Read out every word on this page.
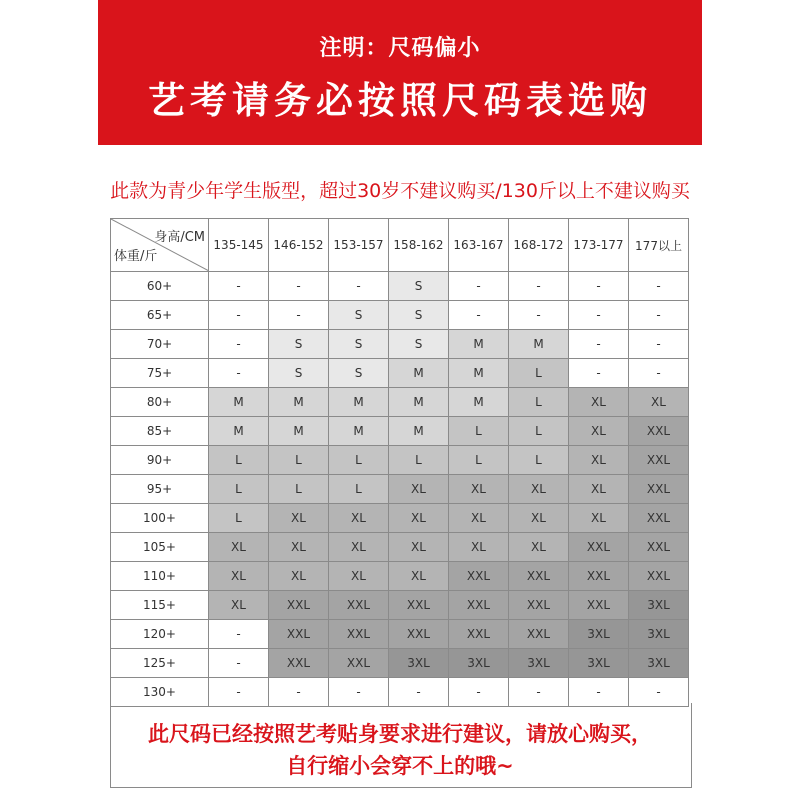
注明：尺码偏小
艺考请务必按照尺码表选购
此款为青少年学生版型，超过30岁不建议购买/130斤以上不建议购买
身高/CM
体重/斤	135-145	146-152	153-157	158-162	163-167	168-172	173-177	177以上
60+	-	-	-	S	-	-	-	-
65+	-	-	S	S	-	-	-	-
70+	-	S	S	S	M	M	-	-
75+	-	S	S	M	M	L	-	-
80+	M	M	M	M	M	L	XL	XL
85+	M	M	M	M	L	L	XL	XXL
90+	L	L	L	L	L	L	XL	XXL
95+	L	L	L	XL	XL	XL	XL	XXL
100+	L	XL	XL	XL	XL	XL	XL	XXL
105+	XL	XL	XL	XL	XL	XL	XXL	XXL
110+	XL	XL	XL	XL	XXL	XXL	XXL	XXL
115+	XL	XXL	XXL	XXL	XXL	XXL	XXL	3XL
120+	-	XXL	XXL	XXL	XXL	XXL	3XL	3XL
125+	-	XXL	XXL	3XL	3XL	3XL	3XL	3XL
130+	-	-	-	-	-	-	-	-
此尺码已经按照艺考贴身要求进行建议，请放心购买，
自行缩小会穿不上的哦~
